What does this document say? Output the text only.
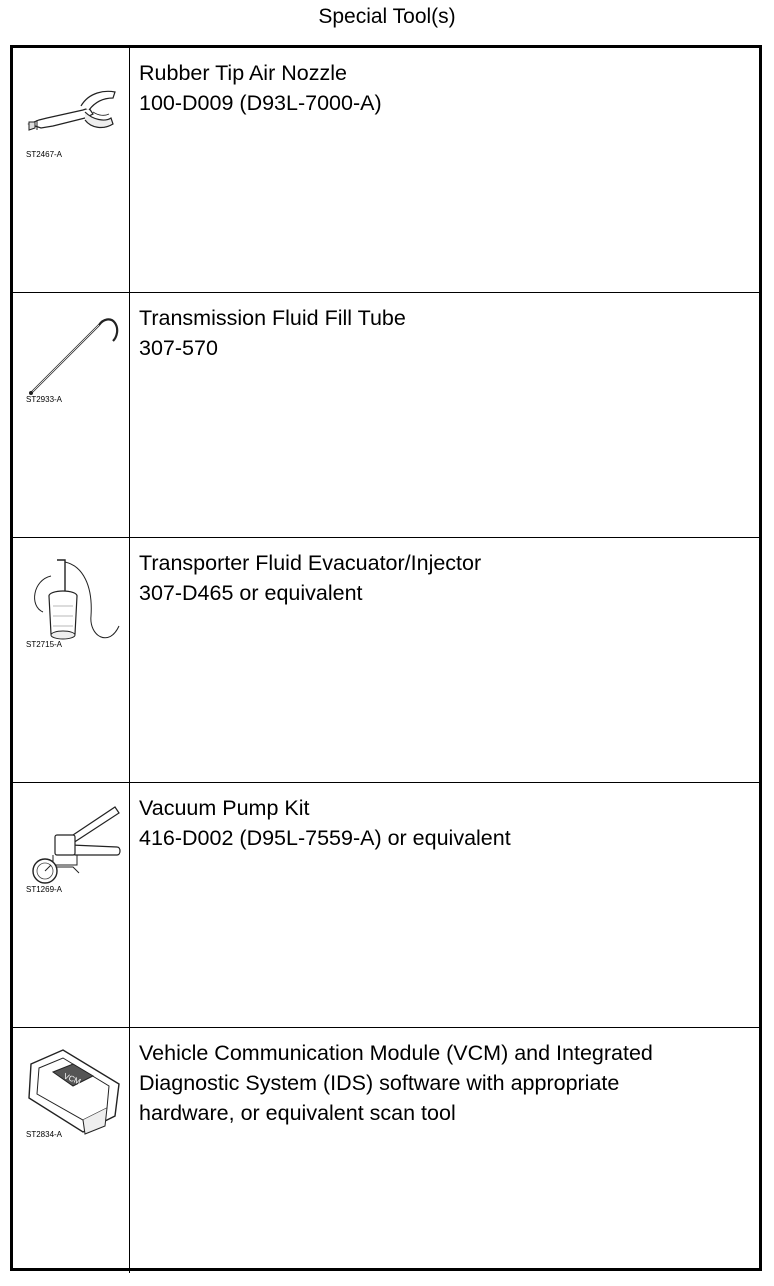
Special Tool(s)
ST2467-A
Rubber Tip Air Nozzle
100-D009 (D93L-7000-A)
ST2933-A
Transmission Fluid Fill Tube
307-570
ST2715-A
Transporter Fluid Evacuator/Injector
307-D465 or equivalent
ST1269-A
Vacuum Pump Kit
416-D002 (D95L-7559-A) or equivalent
VCM
ST2834-A
Vehicle Communication Module (VCM) and Integrated
Diagnostic System (IDS) software with appropriate
hardware, or equivalent scan tool
